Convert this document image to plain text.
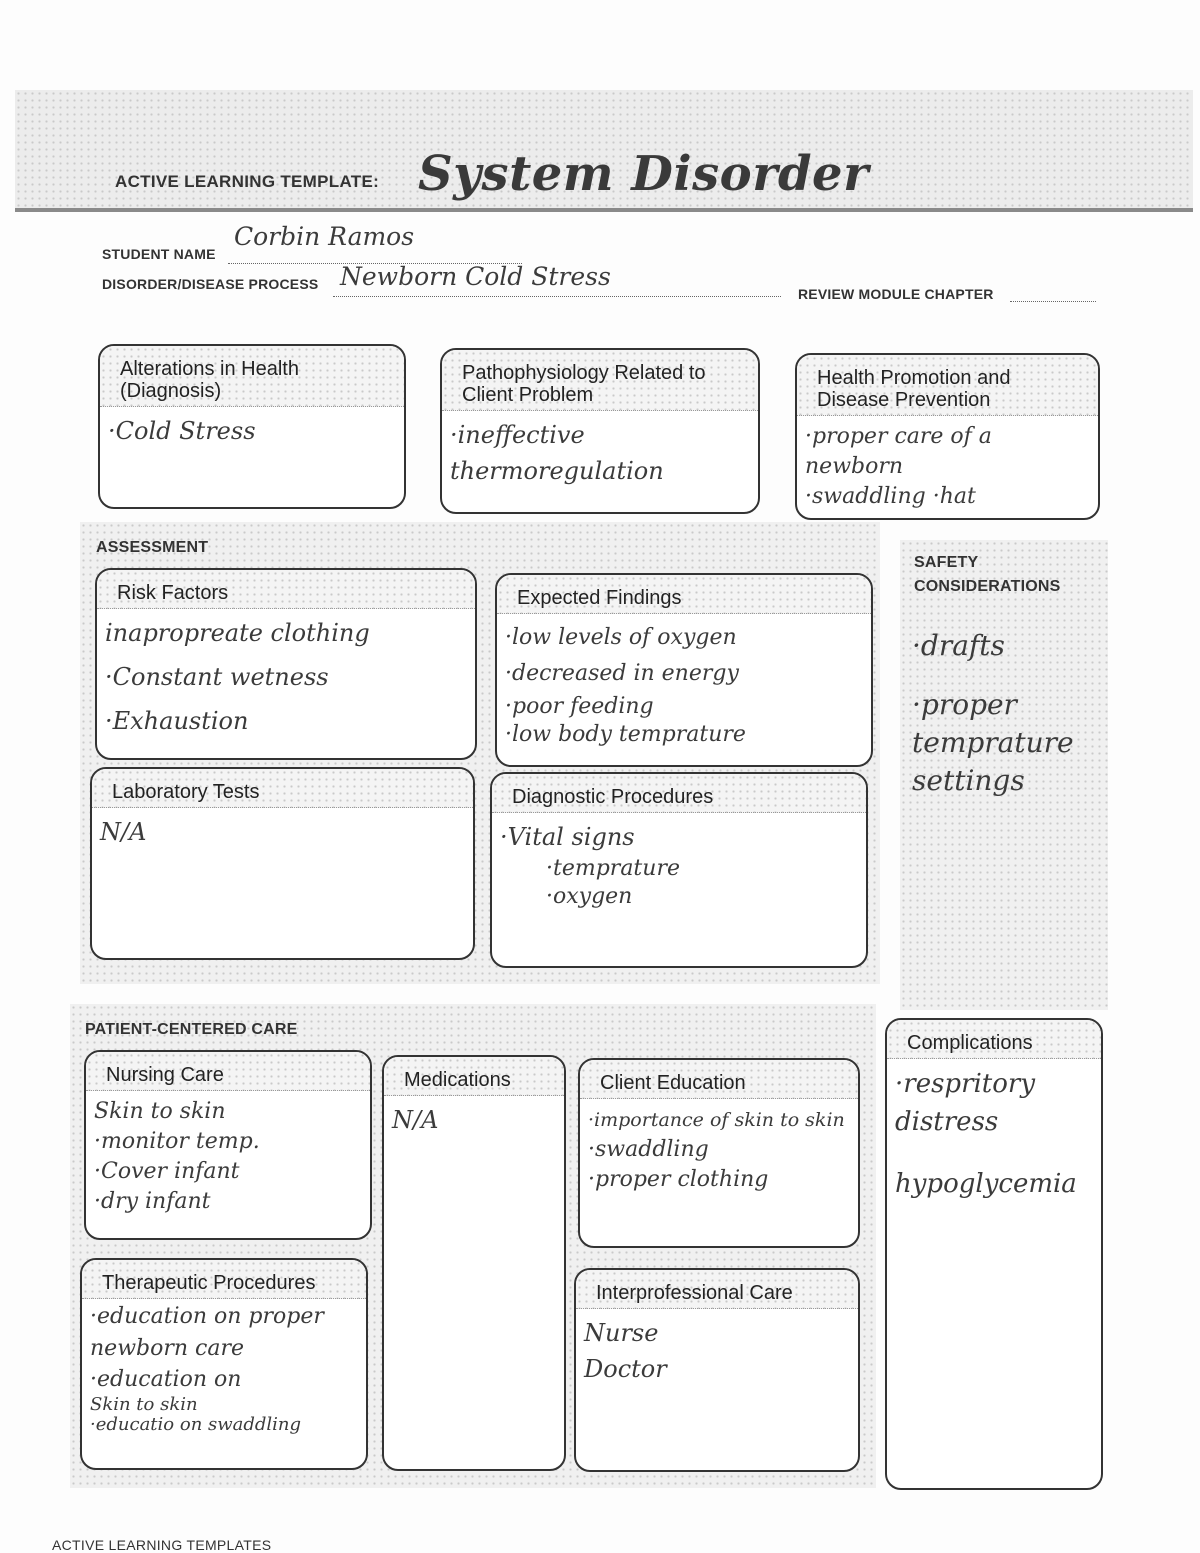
ACTIVE LEARNING TEMPLATE: System Disorder
STUDENT NAME
Corbin Ramos
DISORDER/DISEASE PROCESS Newborn Cold Stress
REVIEW MODULE CHAPTER
Alterations in Health (Diagnosis)
·Cold Stress
Pathophysiology Related to Client Problem
·ineffective
thermoregulation
Health Promotion and Disease Prevention
·proper care of a
newborn
·swaddling ·hat
ASSESSMENT
Risk Factors
inapropreate clothing
·Constant wetness
·Exhaustion
Expected Findings
·low levels of oxygen
·decreased in energy
·poor feeding
·low body temprature
Laboratory Tests
N/A
Diagnostic Procedures
·Vital signs
·temprature
·oxygen
SAFETY CONSIDERATIONS
·drafts
·proper temprature settings
PATIENT-CENTERED CARE
Nursing Care
Skin to skin
·monitor temp.
·Cover infant
·dry infant
Medications
N/A
Client Education
·importance of skin to skin
·swaddling
·proper clothing
Therapeutic Procedures
·education on proper
newborn care
·education on
Skin to skin
·educatio on swaddling
Interprofessional Care
Nurse
Doctor
Complications
·respritory
distress
hypoglycemia
ACTIVE LEARNING TEMPLATES
